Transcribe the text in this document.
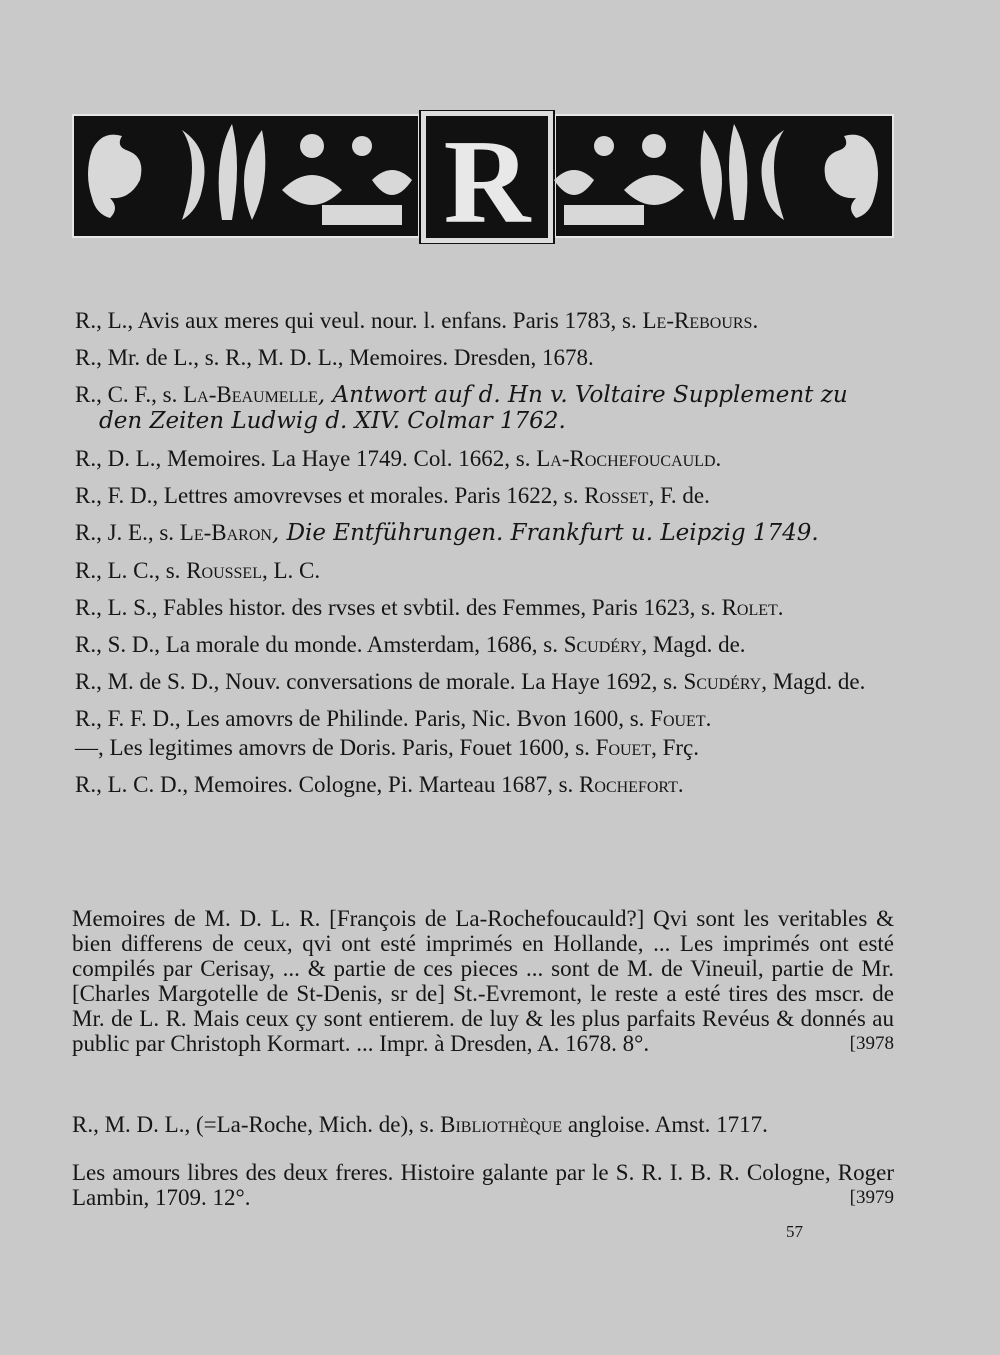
R
R., L., Avis aux meres qui veul. nour. l. enfans. Paris 1783, s. Le-Rebours.
R., Mr. de L., s. R., M. D. L., Memoires. Dresden, 1678.
R., C. F., s. La-Beaumelle, Antwort auf d. Hn v. Voltaire Supplement zu den Zeiten Ludwig d. XIV. Colmar 1762.
R., D. L., Memoires. La Haye 1749. Col. 1662, s. La-Rochefoucauld.
R., F. D., Lettres amovrevses et morales. Paris 1622, s. Rosset, F. de.
R., J. E., s. Le-Baron, Die Entführungen. Frankfurt u. Leipzig 1749.
R., L. C., s. Roussel, L. C.
R., L. S., Fables histor. des rvses et svbtil. des Femmes, Paris 1623, s. Rolet.
R., S. D., La morale du monde. Amsterdam, 1686, s. Scudéry, Magd. de.
R., M. de S. D., Nouv. conversations de morale. La Haye 1692, s. Scudéry, Magd. de.
R., F. F. D., Les amovrs de Philinde. Paris, Nic. Bvon 1600, s. Fouet.
—, Les legitimes amovrs de Doris. Paris, Fouet 1600, s. Fouet, Frç.
R., L. C. D., Memoires. Cologne, Pi. Marteau 1687, s. Rochefort.
Memoires de M. D. L. R. [François de La-Rochefoucauld?] Qvi sont les veritables & bien differens de ceux, qvi ont esté imprimés en Hollande, ... Les imprimés ont esté compilés par Cerisay, ... & partie de ces pieces ... sont de M. de Vineuil, partie de Mr. [Charles Margotelle de St-Denis, sr de] St.-Evremont, le reste a esté tires des mscr. de Mr. de L. R. Mais ceux çy sont entierem. de luy & les plus parfaits Revéus & donnés au public par Christoph Kormart. ... Impr. à Dresden, A. 1678. 8°.	[3978
R., M. D. L., (=La-Roche, Mich. de), s. Bibliothèque angloise. Amst. 1717.
Les amours libres des deux freres. Histoire galante par le S. R. I. B. R. Cologne, Roger Lambin, 1709. 12°.	[3979
57
